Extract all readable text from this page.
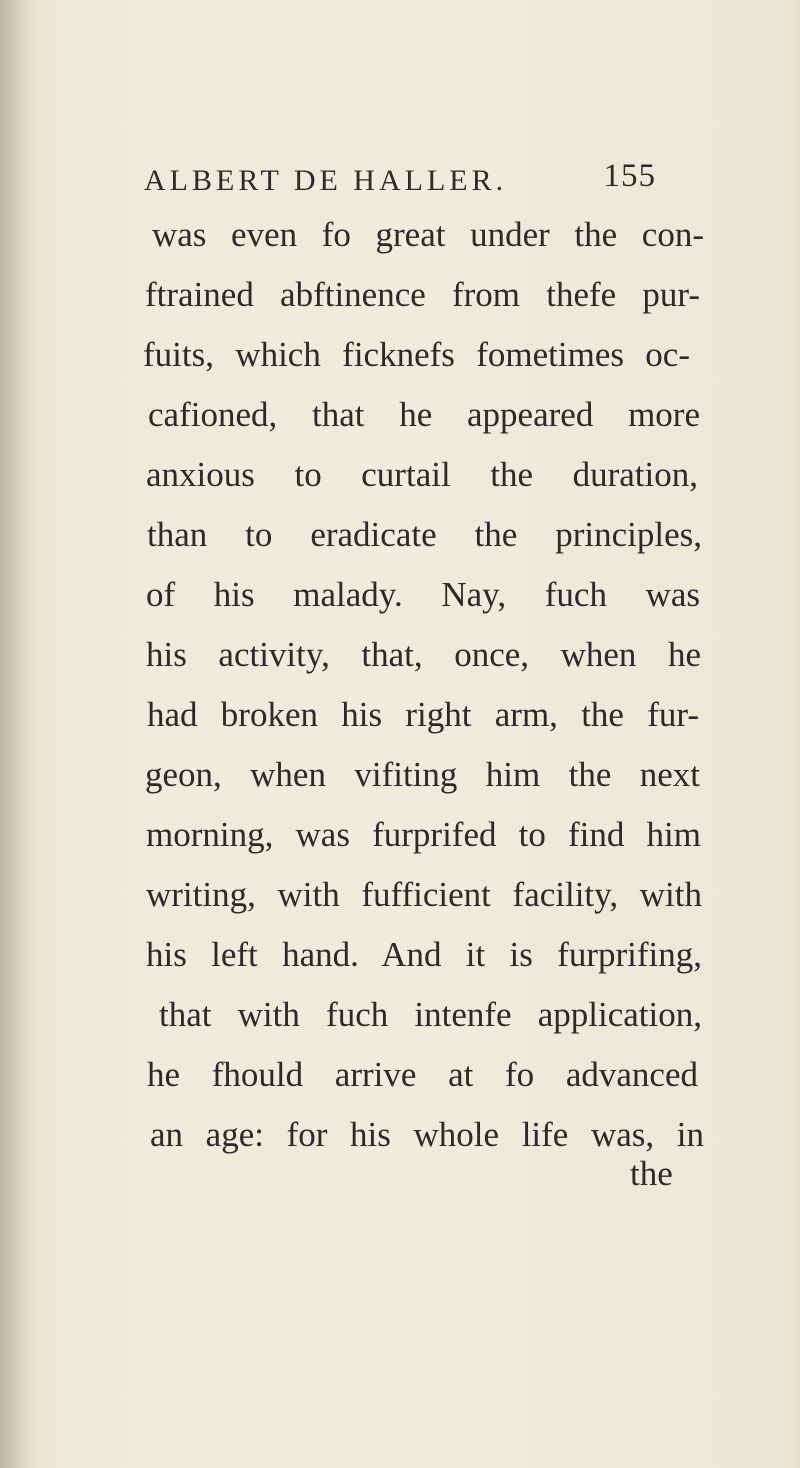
ALBERT DE HALLER.	155
was even fo great under the con-
ftrained abftinence from thefe pur-
fuits, which ficknefs fometimes oc-
cafioned, that he appeared more
anxious to curtail the duration,
than to eradicate the principles,
of his malady. Nay, fuch was
his activity, that, once, when he
had broken his right arm, the fur-
geon, when vifiting him the next
morning, was furprifed to find him
writing, with fufficient facility, with
his left hand. And it is furprifing,
that with fuch intenfe application,
he fhould arrive at fo advanced
an age: for his whole life was, in
the
